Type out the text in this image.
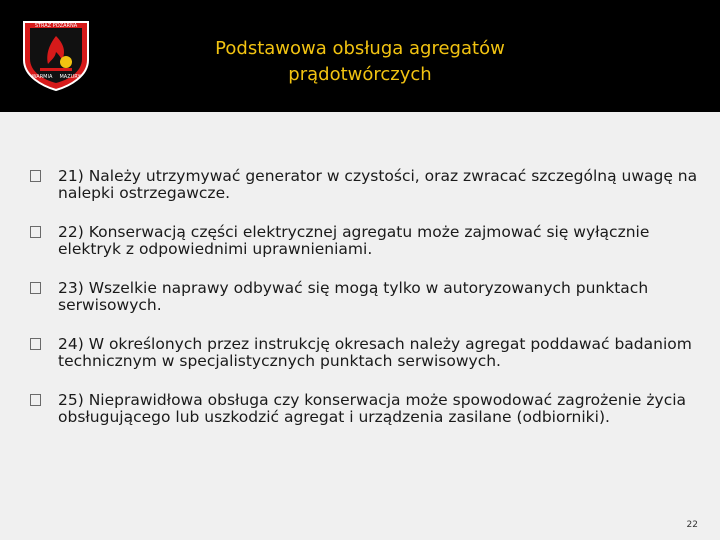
STRAŻ POŻARNA
WARMIA MAZURY
Podstawowa obsługa agregatów
prądotwórczych
21) Należy utrzymywać generator w czystości, oraz zwracać szczególną uwagę na nalepki ostrzegawcze.
22) Konserwacją części elektrycznej agregatu może zajmować się wyłącznie elektryk z odpowiednimi uprawnieniami.
23) Wszelkie naprawy odbywać się mogą tylko w autoryzowanych punktach serwisowych.
24) W określonych przez instrukcję okresach należy agregat poddawać badaniom technicznym w specjalistycznych punktach serwisowych.
25) Nieprawidłowa obsługa czy konserwacja może spowodować zagrożenie życia obsługującego lub uszkodzić agregat i urządzenia zasilane (odbiorniki).
22
